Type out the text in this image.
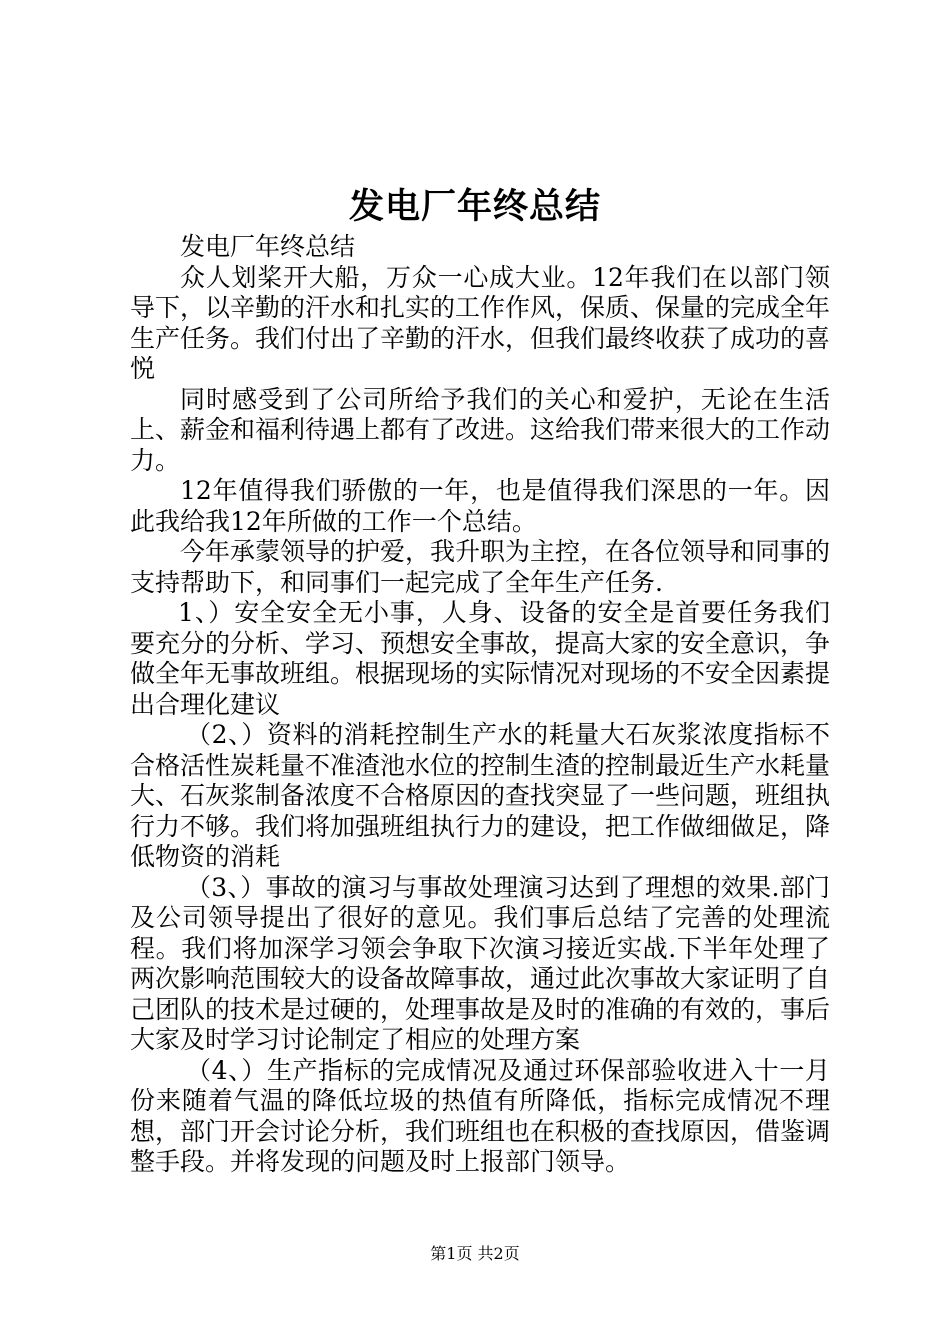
发电厂年终总结

发电厂年终总结

众人划桨开大船，万众一心成大业。12年我们在以部门领导下，以辛勤的汗水和扎实的工作作风，保质、保量的完成全年生产任务。我们付出了辛勤的汗水，但我们最终收获了成功的喜悦

同时感受到了公司所给予我们的关心和爱护，无论在生活上、薪金和福利待遇上都有了改进。这给我们带来很大的工作动力。

12年值得我们骄傲的一年，也是值得我们深思的一年。因此我给我12年所做的工作一个总结。

今年承蒙领导的护爱，我升职为主控，在各位领导和同事的支持帮助下，和同事们一起完成了全年生产任务.

1、）安全安全无小事，人身、设备的安全是首要任务我们要充分的分析、学习、预想安全事故，提高大家的安全意识，争做全年无事故班组。根据现场的实际情况对现场的不安全因素提出合理化建议

（2、）资料的消耗控制生产水的耗量大石灰浆浓度指标不合格活性炭耗量不准渣池水位的控制生渣的控制最近生产水耗量大、石灰浆制备浓度不合格原因的查找突显了一些问题，班组执行力不够。我们将加强班组执行力的建设，把工作做细做足，降低物资的消耗

（3、）事故的演习与事故处理演习达到了理想的效果.部门及公司领导提出了很好的意见。我们事后总结了完善的处理流程。我们将加深学习领会争取下次演习接近实战.下半年处理了两次影响范围较大的设备故障事故，通过此次事故大家证明了自己团队的技术是过硬的，处理事故是及时的准确的有效的，事后大家及时学习讨论制定了相应的处理方案

（4、）生产指标的完成情况及通过环保部验收进入十一月份来随着气温的降低垃圾的热值有所降低，指标完成情况不理想，部门开会讨论分析，我们班组也在积极的查找原因，借鉴调整手段。并将发现的问题及时上报部门领导。

第1页 共2页
